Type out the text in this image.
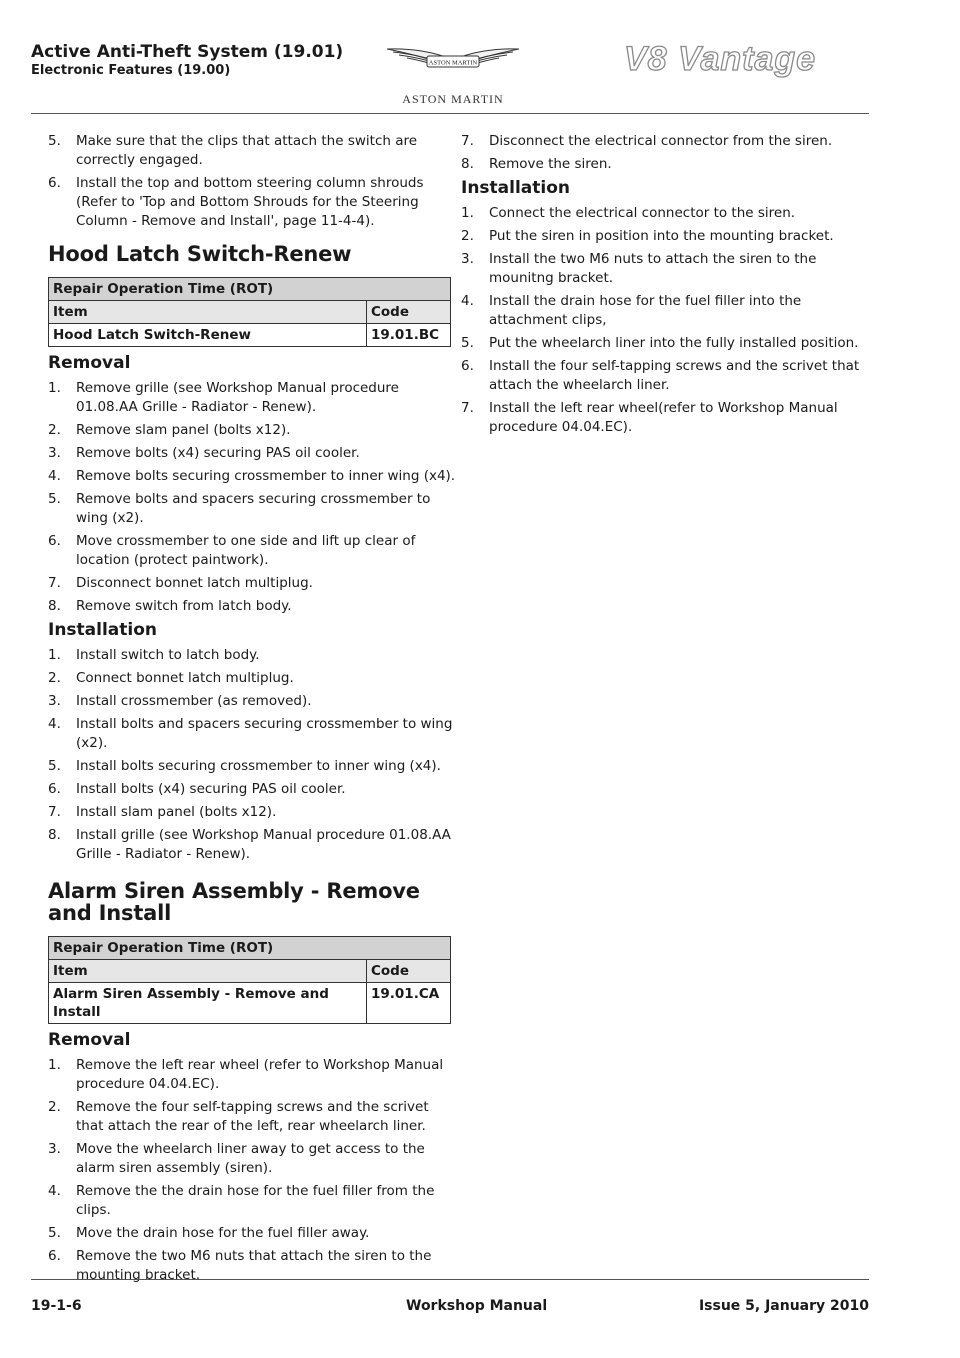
Active Anti-Theft System (19.01)
Electronic Features (19.00)	ASTON MARTIN
ASTON MARTIN
V8 Vantage
5. Make sure that the clips that attach the switch are correctly engaged.
6. Install the top and bottom steering column shrouds (Refer to 'Top and Bottom Shrouds for the Steering Column - Remove and Install', page 11-4-4).
Hood Latch Switch-Renew
Repair Operation Time (ROT)	
Item	Code
Hood Latch Switch-Renew	19.01.BC
Removal
1. Remove grille (see Workshop Manual procedure 01.08.AA Grille - Radiator - Renew).
2. Remove slam panel (bolts x12).
3. Remove bolts (x4) securing PAS oil cooler.
4. Remove bolts securing crossmember to inner wing (x4).
5. Remove bolts and spacers securing crossmember to wing (x2).
6. Move crossmember to one side and lift up clear of location (protect paintwork).
7. Disconnect bonnet latch multiplug.
8. Remove switch from latch body.
Installation
1. Install switch to latch body.
2. Connect bonnet latch multiplug.
3. Install crossmember (as removed).
4. Install bolts and spacers securing crossmember to wing (x2).
5. Install bolts securing crossmember to inner wing (x4).
6. Install bolts (x4) securing PAS oil cooler.
7. Install slam panel (bolts x12).
8. Install grille (see Workshop Manual procedure 01.08.AA Grille - Radiator - Renew).
Alarm Siren Assembly - Remove and Install
Repair Operation Time (ROT)	
Item	Code
Alarm Siren Assembly - Remove and Install	19.01.CA
Removal
1. Remove the left rear wheel (refer to Workshop Manual procedure 04.04.EC).
2. Remove the four self-tapping screws and the scrivet that attach the rear of the left, rear wheelarch liner.
3. Move the wheelarch liner away to get access to the alarm siren assembly (siren).
4. Remove the the drain hose for the fuel filler from the clips.
5. Move the drain hose for the fuel filler away.
6. Remove the two M6 nuts that attach the siren to the mounting bracket.
7. Disconnect the electrical connector from the siren.
8. Remove the siren.
Installation
1. Connect the electrical connector to the siren.
2. Put the siren in position into the mounting bracket.
3. Install the two M6 nuts to attach the siren to the mounitng bracket.
4. Install the drain hose for the fuel filler into the attachment clips,
5. Put the wheelarch liner into the fully installed position.
6. Install the four self-tapping screws and the scrivet that attach the wheelarch liner.
7. Install the left rear wheel(refer to Workshop Manual procedure 04.04.EC).
19-1-6	Workshop Manual	Issue 5, January 2010
